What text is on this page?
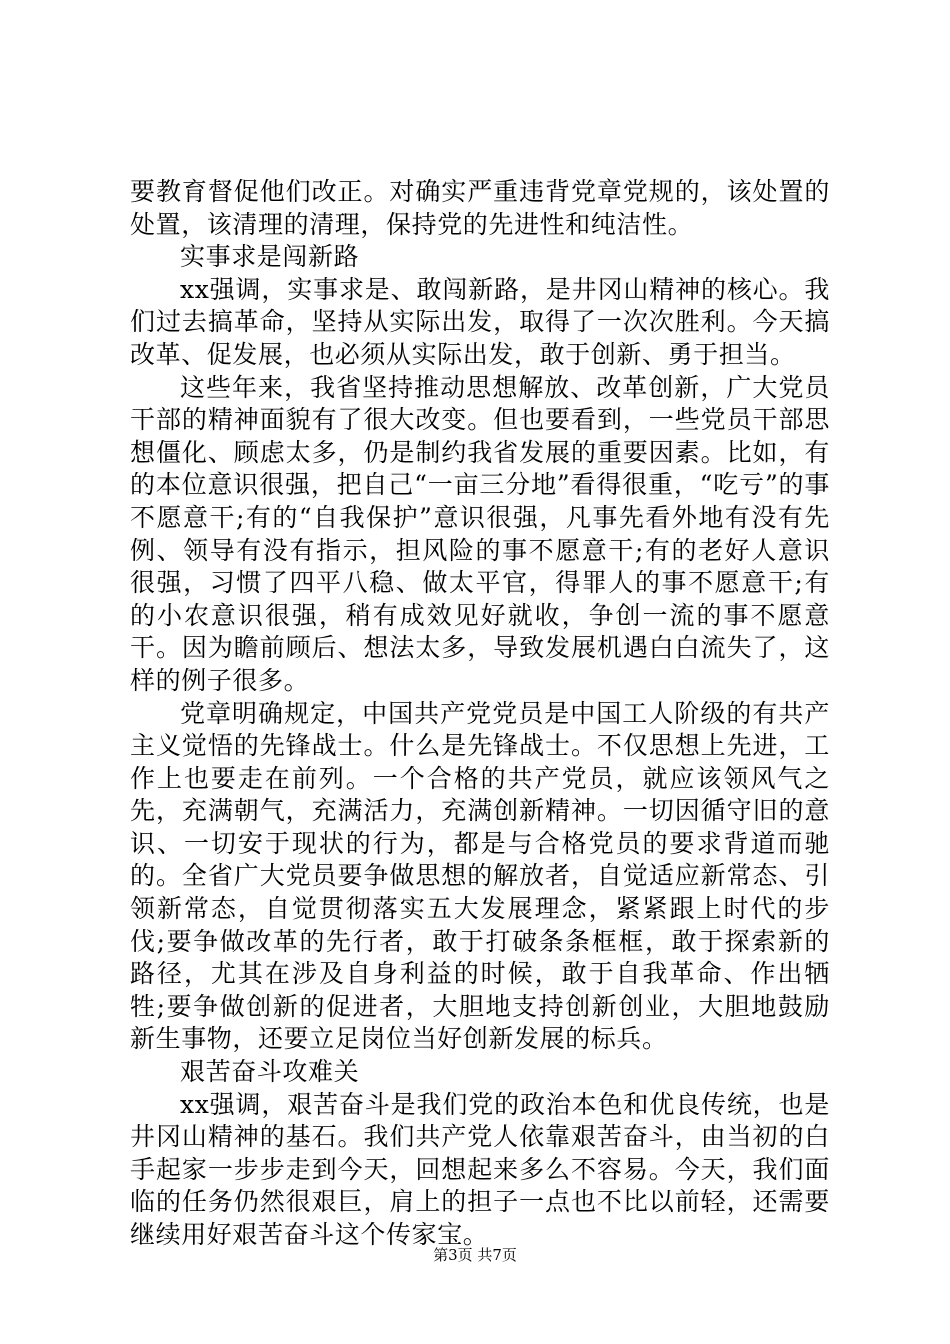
要教育督促他们改正。对确实严重违背党章党规的，该处置的处置，该清理的清理，保持党的先进性和纯洁性。

实事求是闯新路

xx强调，实事求是、敢闯新路，是井冈山精神的核心。我们过去搞革命，坚持从实际出发，取得了一次次胜利。今天搞改革、促发展，也必须从实际出发，敢于创新、勇于担当。

这些年来，我省坚持推动思想解放、改革创新，广大党员干部的精神面貌有了很大改变。但也要看到，一些党员干部思想僵化、顾虑太多，仍是制约我省发展的重要因素。比如，有的本位意识很强，把自己“一亩三分地”看得很重，“吃亏”的事不愿意干;有的“自我保护”意识很强，凡事先看外地有没有先例、领导有没有指示，担风险的事不愿意干;有的老好人意识很强，习惯了四平八稳、做太平官，得罪人的事不愿意干;有的小农意识很强，稍有成效见好就收，争创一流的事不愿意干。因为瞻前顾后、想法太多，导致发展机遇白白流失了，这样的例子很多。

党章明确规定，中国共产党党员是中国工人阶级的有共产主义觉悟的先锋战士。什么是先锋战士。不仅思想上先进，工作上也要走在前列。一个合格的共产党员，就应该领风气之先，充满朝气，充满活力，充满创新精神。一切因循守旧的意识、一切安于现状的行为，都是与合格党员的要求背道而驰的。全省广大党员要争做思想的解放者，自觉适应新常态、引领新常态，自觉贯彻落实五大发展理念，紧紧跟上时代的步伐;要争做改革的先行者，敢于打破条条框框，敢于探索新的路径，尤其在涉及自身利益的时候，敢于自我革命、作出牺牲;要争做创新的促进者，大胆地支持创新创业，大胆地鼓励新生事物，还要立足岗位当好创新发展的标兵。

艰苦奋斗攻难关

xx强调，艰苦奋斗是我们党的政治本色和优良传统，也是井冈山精神的基石。我们共产党人依靠艰苦奋斗，由当初的白手起家一步步走到今天，回想起来多么不容易。今天，我们面临的任务仍然很艰巨，肩上的担子一点也不比以前轻，还需要继续用好艰苦奋斗这个传家宝。

第3页 共7页
